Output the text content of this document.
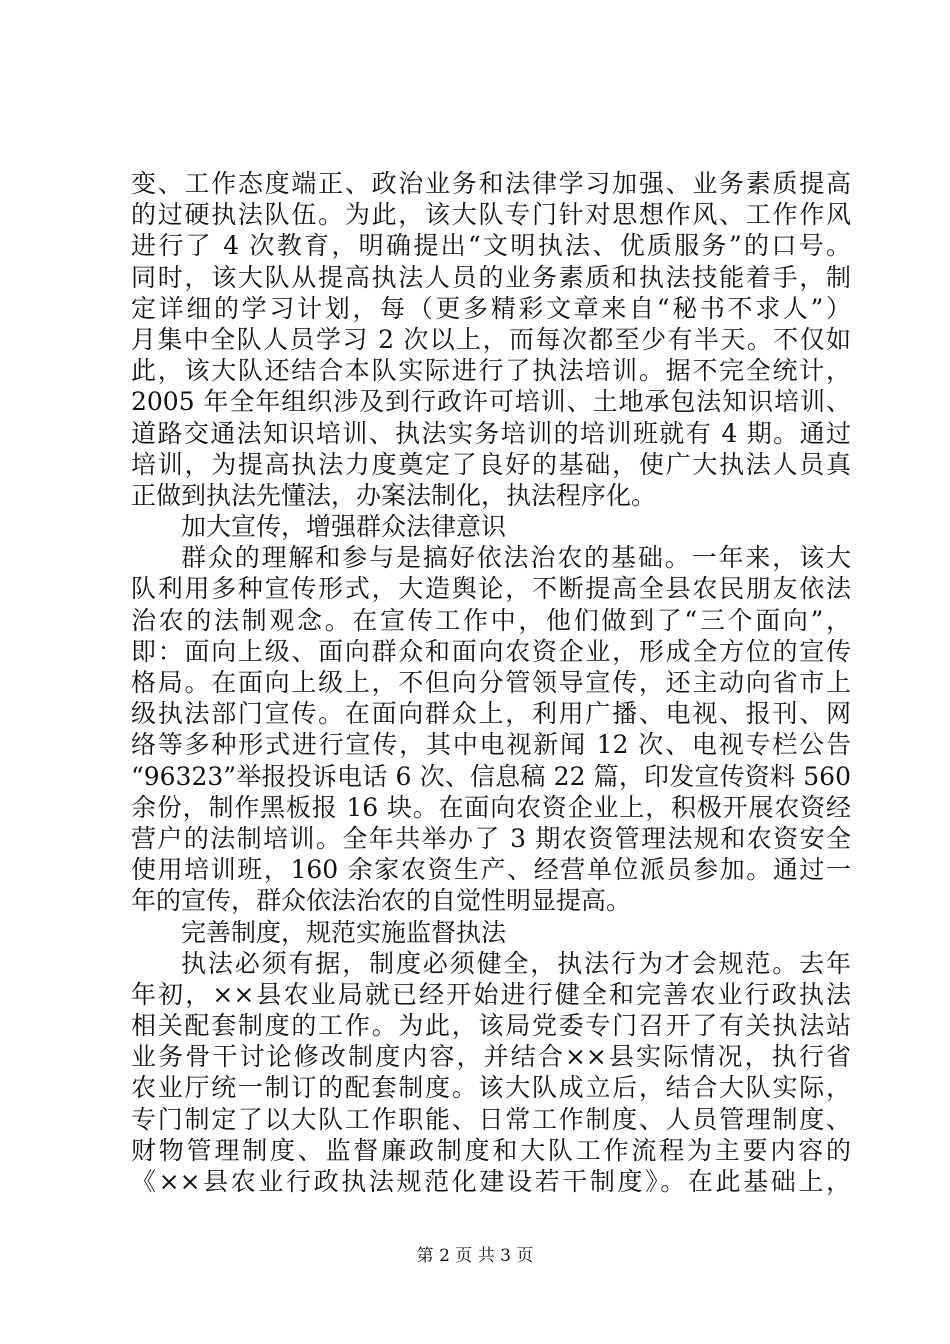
变、工作态度端正、政治业务和法律学习加强、业务素质提高
的过硬执法队伍。为此，该大队专门针对思想作风、工作作风
进行了 4 次教育，明确提出“文明执法、优质服务”的口号。
同时，该大队从提高执法人员的业务素质和执法技能着手，制
定详细的学习计划，每（更多精彩文章来自“秘书不求人”）
月集中全队人员学习 2 次以上，而每次都至少有半天。不仅如
此，该大队还结合本队实际进行了执法培训。据不完全统计，
2005 年全年组织涉及到行政许可培训、土地承包法知识培训、
道路交通法知识培训、执法实务培训的培训班就有 4 期。通过
培训，为提高执法力度奠定了良好的基础，使广大执法人员真
正做到执法先懂法，办案法制化，执法程序化。
加大宣传，增强群众法律意识
群众的理解和参与是搞好依法治农的基础。一年来，该大
队利用多种宣传形式，大造舆论，不断提高全县农民朋友依法
治农的法制观念。在宣传工作中，他们做到了“三个面向”，
即：面向上级、面向群众和面向农资企业，形成全方位的宣传
格局。在面向上级上，不但向分管领导宣传，还主动向省市上
级执法部门宣传。在面向群众上，利用广播、电视、报刊、网
络等多种形式进行宣传，其中电视新闻 12 次、电视专栏公告
“96323”举报投诉电话 6 次、信息稿 22 篇，印发宣传资料 560
余份，制作黑板报 16 块。在面向农资企业上，积极开展农资经
营户的法制培训。全年共举办了 3 期农资管理法规和农资安全
使用培训班，160 余家农资生产、经营单位派员参加。通过一
年的宣传，群众依法治农的自觉性明显提高。
完善制度，规范实施监督执法
执法必须有据，制度必须健全，执法行为才会规范。去年
年初，××县农业局就已经开始进行健全和完善农业行政执法
相关配套制度的工作。为此，该局党委专门召开了有关执法站
业务骨干讨论修改制度内容，并结合××县实际情况，执行省
农业厅统一制订的配套制度。该大队成立后，结合大队实际，
专门制定了以大队工作职能、日常工作制度、人员管理制度、
财物管理制度、监督廉政制度和大队工作流程为主要内容的
《××县农业行政执法规范化建设若干制度》。在此基础上，
第 2 页 共 3 页
